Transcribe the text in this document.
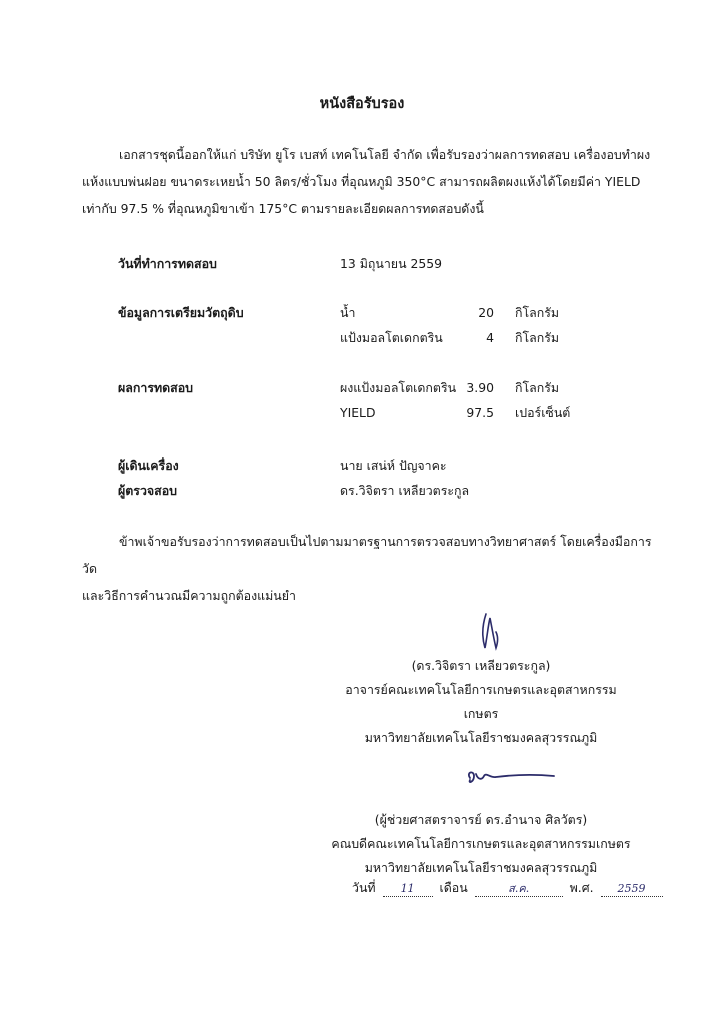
หนังสือรับรอง
เอกสารชุดนี้ออกให้แก่ บริษัท ยูโร เบสท์ เทคโนโลยี จำกัด เพื่อรับรองว่าผลการทดสอบ เครื่องอบทำผง
แห้งแบบพ่นฝอย ขนาดระเหยน้ำ 50 ลิตร/ชั่วโมง ที่อุณหภูมิ 350°C สามารถผลิตผงแห้งได้โดยมีค่า YIELD
เท่ากับ 97.5 % ที่อุณหภูมิขาเข้า 175°C ตามรายละเอียดผลการทดสอบดังนี้
วันที่ทำการทดสอบ	13 มิถุนายน 2559
ข้อมูลการเตรียมวัตถุดิบ	น้ำ	20 กิโลกรัม
แป้งมอลโตเดกตริน	4 กิโลกรัม
ผลการทดสอบ	ผงแป้งมอลโตเดกตริน 3.90 กิโลกรัม
YIELD	97.5 เปอร์เซ็นต์
ผู้เดินเครื่อง	นาย เสน่ห์ ปัญจาคะ
ผู้ตรวจสอบ	ดร.วิจิตรา เหลียวตระกูล
ข้าพเจ้าขอรับรองว่าการทดสอบเป็นไปตามมาตรฐานการตรวจสอบทางวิทยาศาสตร์ โดยเครื่องมือการวัด
และวิธีการคำนวณมีความถูกต้องแม่นยำ
(ดร.วิจิตรา เหลียวตระกูล)
อาจารย์คณะเทคโนโลยีการเกษตรและอุตสาหกรรมเกษตร
มหาวิทยาลัยเทคโนโลยีราชมงคลสุวรรณภูมิ
(ผู้ช่วยศาสตราจารย์ ดร.อำนาจ ศิลวัตร)
คณบดีคณะเทคโนโลยีการเกษตรและอุตสาหกรรมเกษตร
มหาวิทยาลัยเทคโนโลยีราชมงคลสุวรรณภูมิ
วันที่ 11 เดือน	ส.ค.	พ.ศ. 2559
